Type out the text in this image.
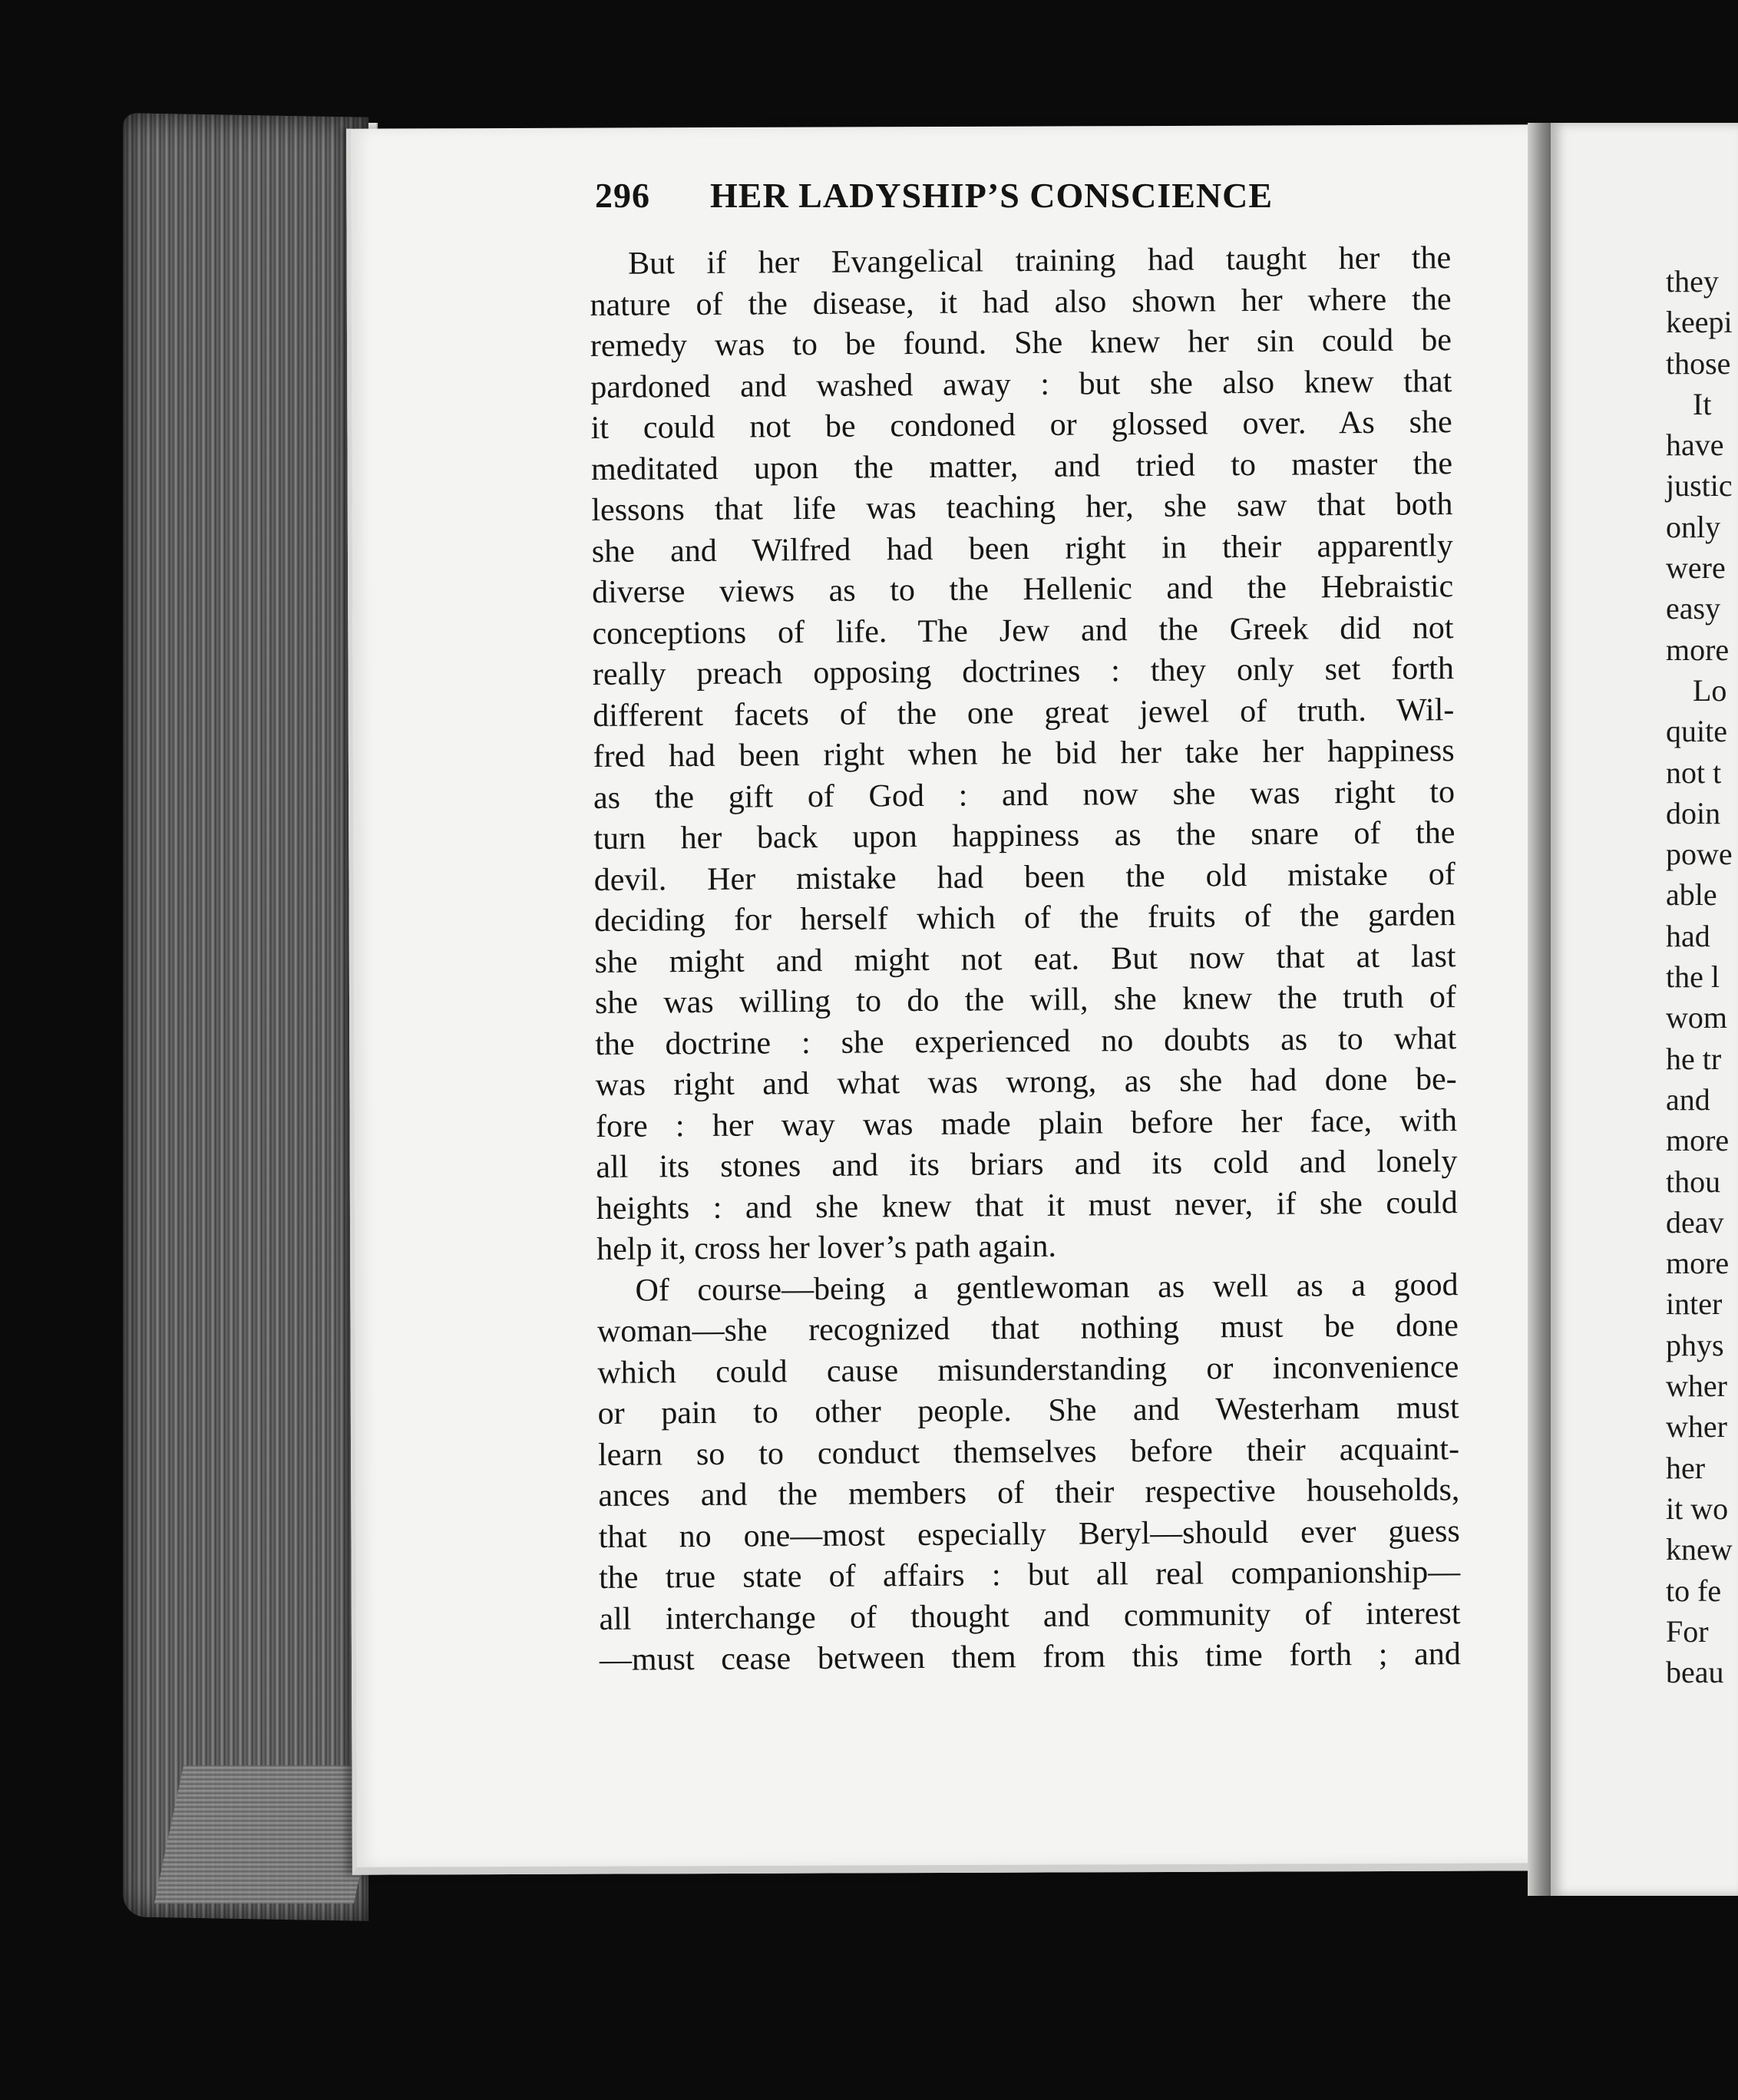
296 HER LADYSHIP’S CONSCIENCE
But if her Evangelical training had taught her the
nature of the disease, it had also shown her where the
remedy was to be found. She knew her sin could be
pardoned and washed away : but she also knew that
it could not be condoned or glossed over. As she
meditated upon the matter, and tried to master the
lessons that life was teaching her, she saw that both
she and Wilfred had been right in their apparently
diverse views as to the Hellenic and the Hebraistic
conceptions of life. The Jew and the Greek did not
really preach opposing doctrines : they only set forth
different facets of the one great jewel of truth. Wil-
fred had been right when he bid her take her happiness
as the gift of God : and now she was right to
turn her back upon happiness as the snare of the
devil. Her mistake had been the old mistake of
deciding for herself which of the fruits of the garden
she might and might not eat. But now that at last
she was willing to do the will, she knew the truth of
the doctrine : she experienced no doubts as to what
was right and what was wrong, as she had done be-
fore : her way was made plain before her face, with
all its stones and its briars and its cold and lonely
heights : and she knew that it must never, if she could
help it, cross her lover’s path again.
Of course—being a gentlewoman as well as a good
woman—she recognized that nothing must be done
which could cause misunderstanding or inconvenience
or pain to other people. She and Westerham must
learn so to conduct themselves before their acquaint-
ances and the members of their respective households,
that no one—most especially Beryl—should ever guess
the true state of affairs : but all real companionship—
all interchange of thought and community of interest
—must cease between them from this time forth ; and
they
keepi
those
It
have
justic
only
were
easy
more
Lo
quite
not t
doin
powe
able
had
the l
wom
he tr
and
more
thou
deav
more
inter
phys
wher
wher
her
it wo
knew
to fe
For
beau
